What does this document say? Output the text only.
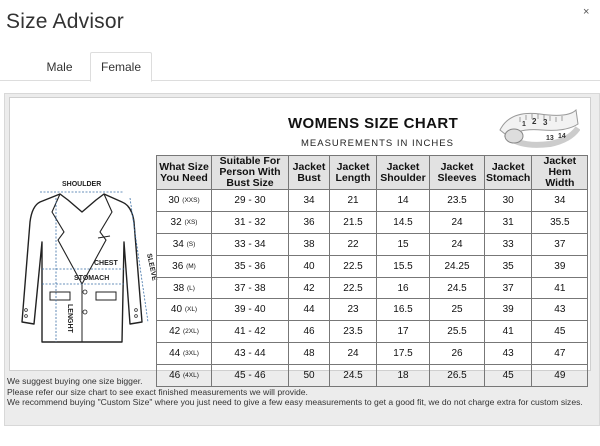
Size Advisor	×
Male	Female
WOMENS SIZE CHART
MEASUREMENTS IN INCHES
1 2 3
13 14
SHOULDER
CHEST
STOMACH	SLEEVE
LENGHT
What Size You Need	Suitable For Person With Bust Size	Jacket Bust	Jacket Length	Jacket Shoulder	Jacket Sleeves	Jacket Stomach	Jacket Hem Width
30 (XXS)	29 - 30	34	21	14	23.5	30	34
32 (XS)	31 - 32	36	21.5	14.5	24	31	35.5
34 (S)	33 - 34	38	22	15	24	33	37
36 (M)	35 - 36	40	22.5	15.5	24.25	35	39
38 (L)	37 - 38	42	22.5	16	24.5	37	41
40 (XL)	39 - 40	44	23	16.5	25	39	43
42 (2XL)	41 - 42	46	23.5	17	25.5	41	45
44 (3XL)	43 - 44	48	24	17.5	26	43	47
46 (4XL)	45 - 46	50	24.5	18	26.5	45	49

We suggest buying one size bigger.

Please refer our size chart to see exact finished measurements we will provide.

We recommend buying "Custom Size" where you just need to give a few easy measurements to get a good fit, we do not charge extra for custom sizes.
